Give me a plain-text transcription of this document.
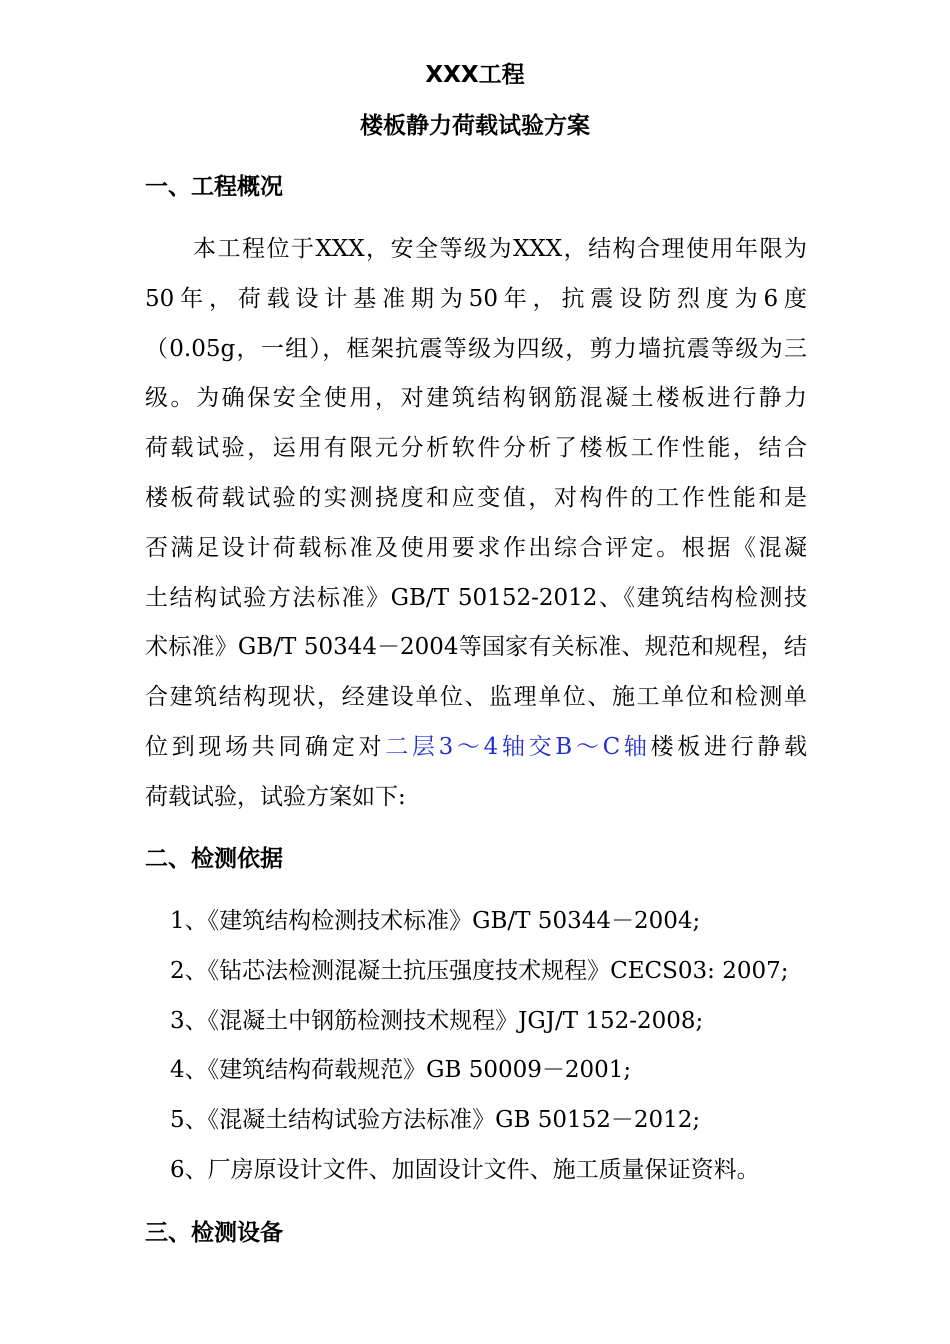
XXX工程
楼板静力荷载试验方案
一、工程概况
本工程位于XXX，安全等级为XXX，结构合理使用年限为
50年，荷载设计基准期为50年，抗震设防烈度为6度
（0.05g，一组），框架抗震等级为四级，剪力墙抗震等级为三
级。为确保安全使用，对建筑结构钢筋混凝土楼板进行静力
荷载试验，运用有限元分析软件分析了楼板工作性能，结合
楼板荷载试验的实测挠度和应变值，对构件的工作性能和是
否满足设计荷载标准及使用要求作出综合评定。根据《混凝
土结构试验方法标准》GB/T 50152-2012、《建筑结构检测技
术标准》GB/T 50344－2004等国家有关标准、规范和规程，结
合建筑结构现状，经建设单位、监理单位、施工单位和检测单
位到现场共同确定对二层3～4轴交B～C轴楼板进行静载
荷载试验，试验方案如下:
二、检测依据
1、《建筑结构检测技术标准》GB/T 50344－2004;
2、《钻芯法检测混凝土抗压强度技术规程》CECS03: 2007;
3、《混凝土中钢筋检测技术规程》JGJ/T 152-2008;
4、《建筑结构荷载规范》GB 50009－2001;
5、《混凝土结构试验方法标准》GB 50152－2012;
6、厂房原设计文件、加固设计文件、施工质量保证资料。
三、检测设备
